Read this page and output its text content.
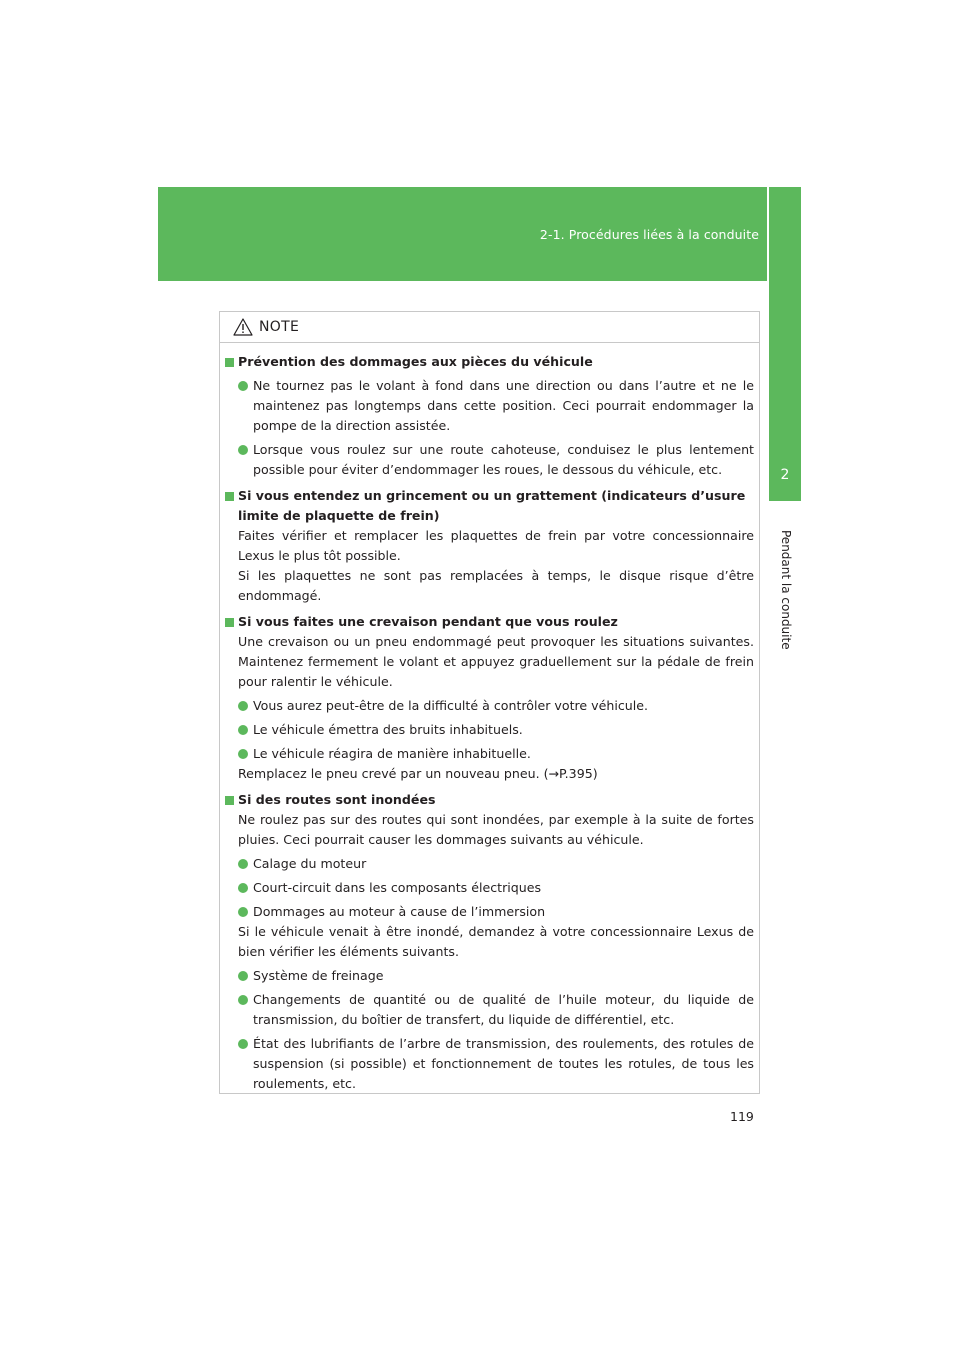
2-1. Procédures liées à la conduite
2
Pendant la conduite
NOTE
Prévention des dommages aux pièces du véhicule
Ne tournez pas le volant à fond dans une direction ou dans l’autre et ne le maintenez pas longtemps dans cette position. Ceci pourrait endommager la pompe de la direction assistée.
Lorsque vous roulez sur une route cahoteuse, conduisez le plus lentement possible pour éviter d’endommager les roues, le dessous du véhicule, etc.
Si vous entendez un grincement ou un grattement (indicateurs d’usure limite de plaquette de frein)
Faites vérifier et remplacer les plaquettes de frein par votre concessionnaire Lexus le plus tôt possible.
Si les plaquettes ne sont pas remplacées à temps, le disque risque d’être endommagé.
Si vous faites une crevaison pendant que vous roulez
Une crevaison ou un pneu endommagé peut provoquer les situations suivantes. Maintenez fermement le volant et appuyez graduellement sur la pédale de frein pour ralentir le véhicule.
Vous aurez peut-être de la difficulté à contrôler votre véhicule.
Le véhicule émettra des bruits inhabituels.
Le véhicule réagira de manière inhabituelle.
Remplacez le pneu crevé par un nouveau pneu. (→P.395)
Si des routes sont inondées
Ne roulez pas sur des routes qui sont inondées, par exemple à la suite de fortes pluies. Ceci pourrait causer les dommages suivants au véhicule.
Calage du moteur
Court-circuit dans les composants électriques
Dommages au moteur à cause de l’immersion
Si le véhicule venait à être inondé, demandez à votre concessionnaire Lexus de bien vérifier les éléments suivants.
Système de freinage
Changements de quantité ou de qualité de l’huile moteur, du liquide de transmission, du boîtier de transfert, du liquide de différentiel, etc.
État des lubrifiants de l’arbre de transmission, des roulements, des rotules de suspension (si possible) et fonctionnement de toutes les rotules, de tous les roulements, etc.
119
